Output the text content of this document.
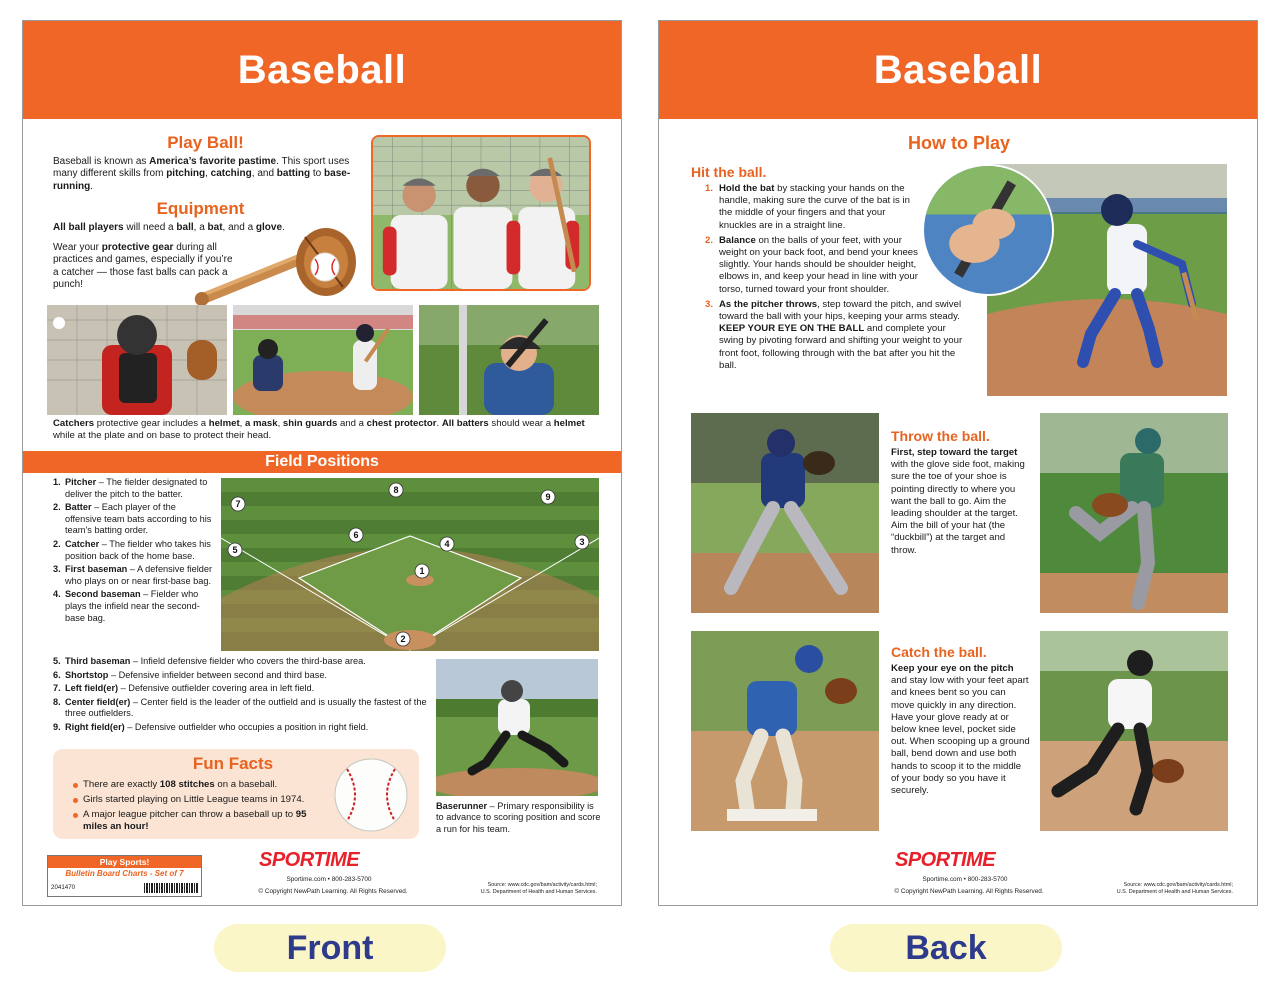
Baseball
Play Ball!
Baseball is known as America’s favorite pastime. This sport uses many different skills from pitching, catching, and batting to base-running.
Equipment
All ball players will need a ball, a bat, and a glove.
Wear your protective gear during all practices and games, especially if you’re a catcher — those fast balls can pack a punch!
Catchers protective gear includes a helmet, a mask, shin guards and a chest protector. All batters should wear a helmet while at the plate and on base to protect their head.
Field Positions
1. Pitcher – The fielder designated to deliver the pitch to the batter.
2. Batter – Each player of the offensive team bats according to his team’s batting order.
2. Catcher – The fielder who takes his position back of the home base.
3. First baseman – A defensive fielder who plays on or near first-base bag.
4. Second baseman – Fielder who plays the infield near the second-base bag.
1
2
3
4
5
6
7
8
9
5. Third baseman – Infield defensive fielder who covers the third-base area.
6. Shortstop – Defensive infielder between second and third base.
7. Left field(er) – Defensive outfielder covering area in left field.
8. Center field(er) – Center field is the leader of the outfield and is usually the fastest of the three outfielders.
9. Right field(er) – Defensive outfielder who occupies a position in right field.
Baserunner – Primary responsibility is to advance to scoring position and score a run for his team.
Fun Facts
There are exactly 108 stitches on a baseball.
Girls started playing on Little League teams in 1974.
A major league pitcher can throw a baseball up to 95 miles an hour!
Play Sports!
Bulletin Board Charts - Set of 7
2041470
SPORTIME
Sportime.com • 800-283-5700
© Copyright NewPath Learning. All Rights Reserved.
Source: www.cdc.gov/bam/activity/cards.html;
U.S. Department of Health and Human Services.
Baseball
How to Play
Hit the ball.
1. Hold the bat by stacking your hands on the handle, making sure the curve of the bat is in the middle of your fingers and that your knuckles are in a straight line.
2. Balance on the balls of your feet, with your weight on your back foot, and bend your knees slightly. Your hands should be shoulder height, elbows in, and keep your head in line with your torso, turned toward your front shoulder.
3. As the pitcher throws, step toward the pitch, and swivel toward the ball with your hips, keeping your arms steady. KEEP YOUR EYE ON THE BALL and complete your swing by pivoting forward and shifting your weight to your front foot, following through with the bat after you hit the ball.
Throw the ball.
First, step toward the target with the glove side foot, making sure the toe of your shoe is pointing directly to where you want the ball to go. Aim the leading shoulder at the target. Aim the bill of your hat (the “duckbill”) at the target and throw.
Catch the ball.
Keep your eye on the pitch and stay low with your feet apart and knees bent so you can move quickly in any direction. Have your glove ready at or below knee level, pocket side out. When scooping up a ground ball, bend down and use both hands to scoop it to the middle of your body so you have it securely.
SPORTIME
Sportime.com • 800-283-5700
© Copyright NewPath Learning. All Rights Reserved.
Source: www.cdc.gov/bam/activity/cards.html;
U.S. Department of Health and Human Services.
Front	Back
